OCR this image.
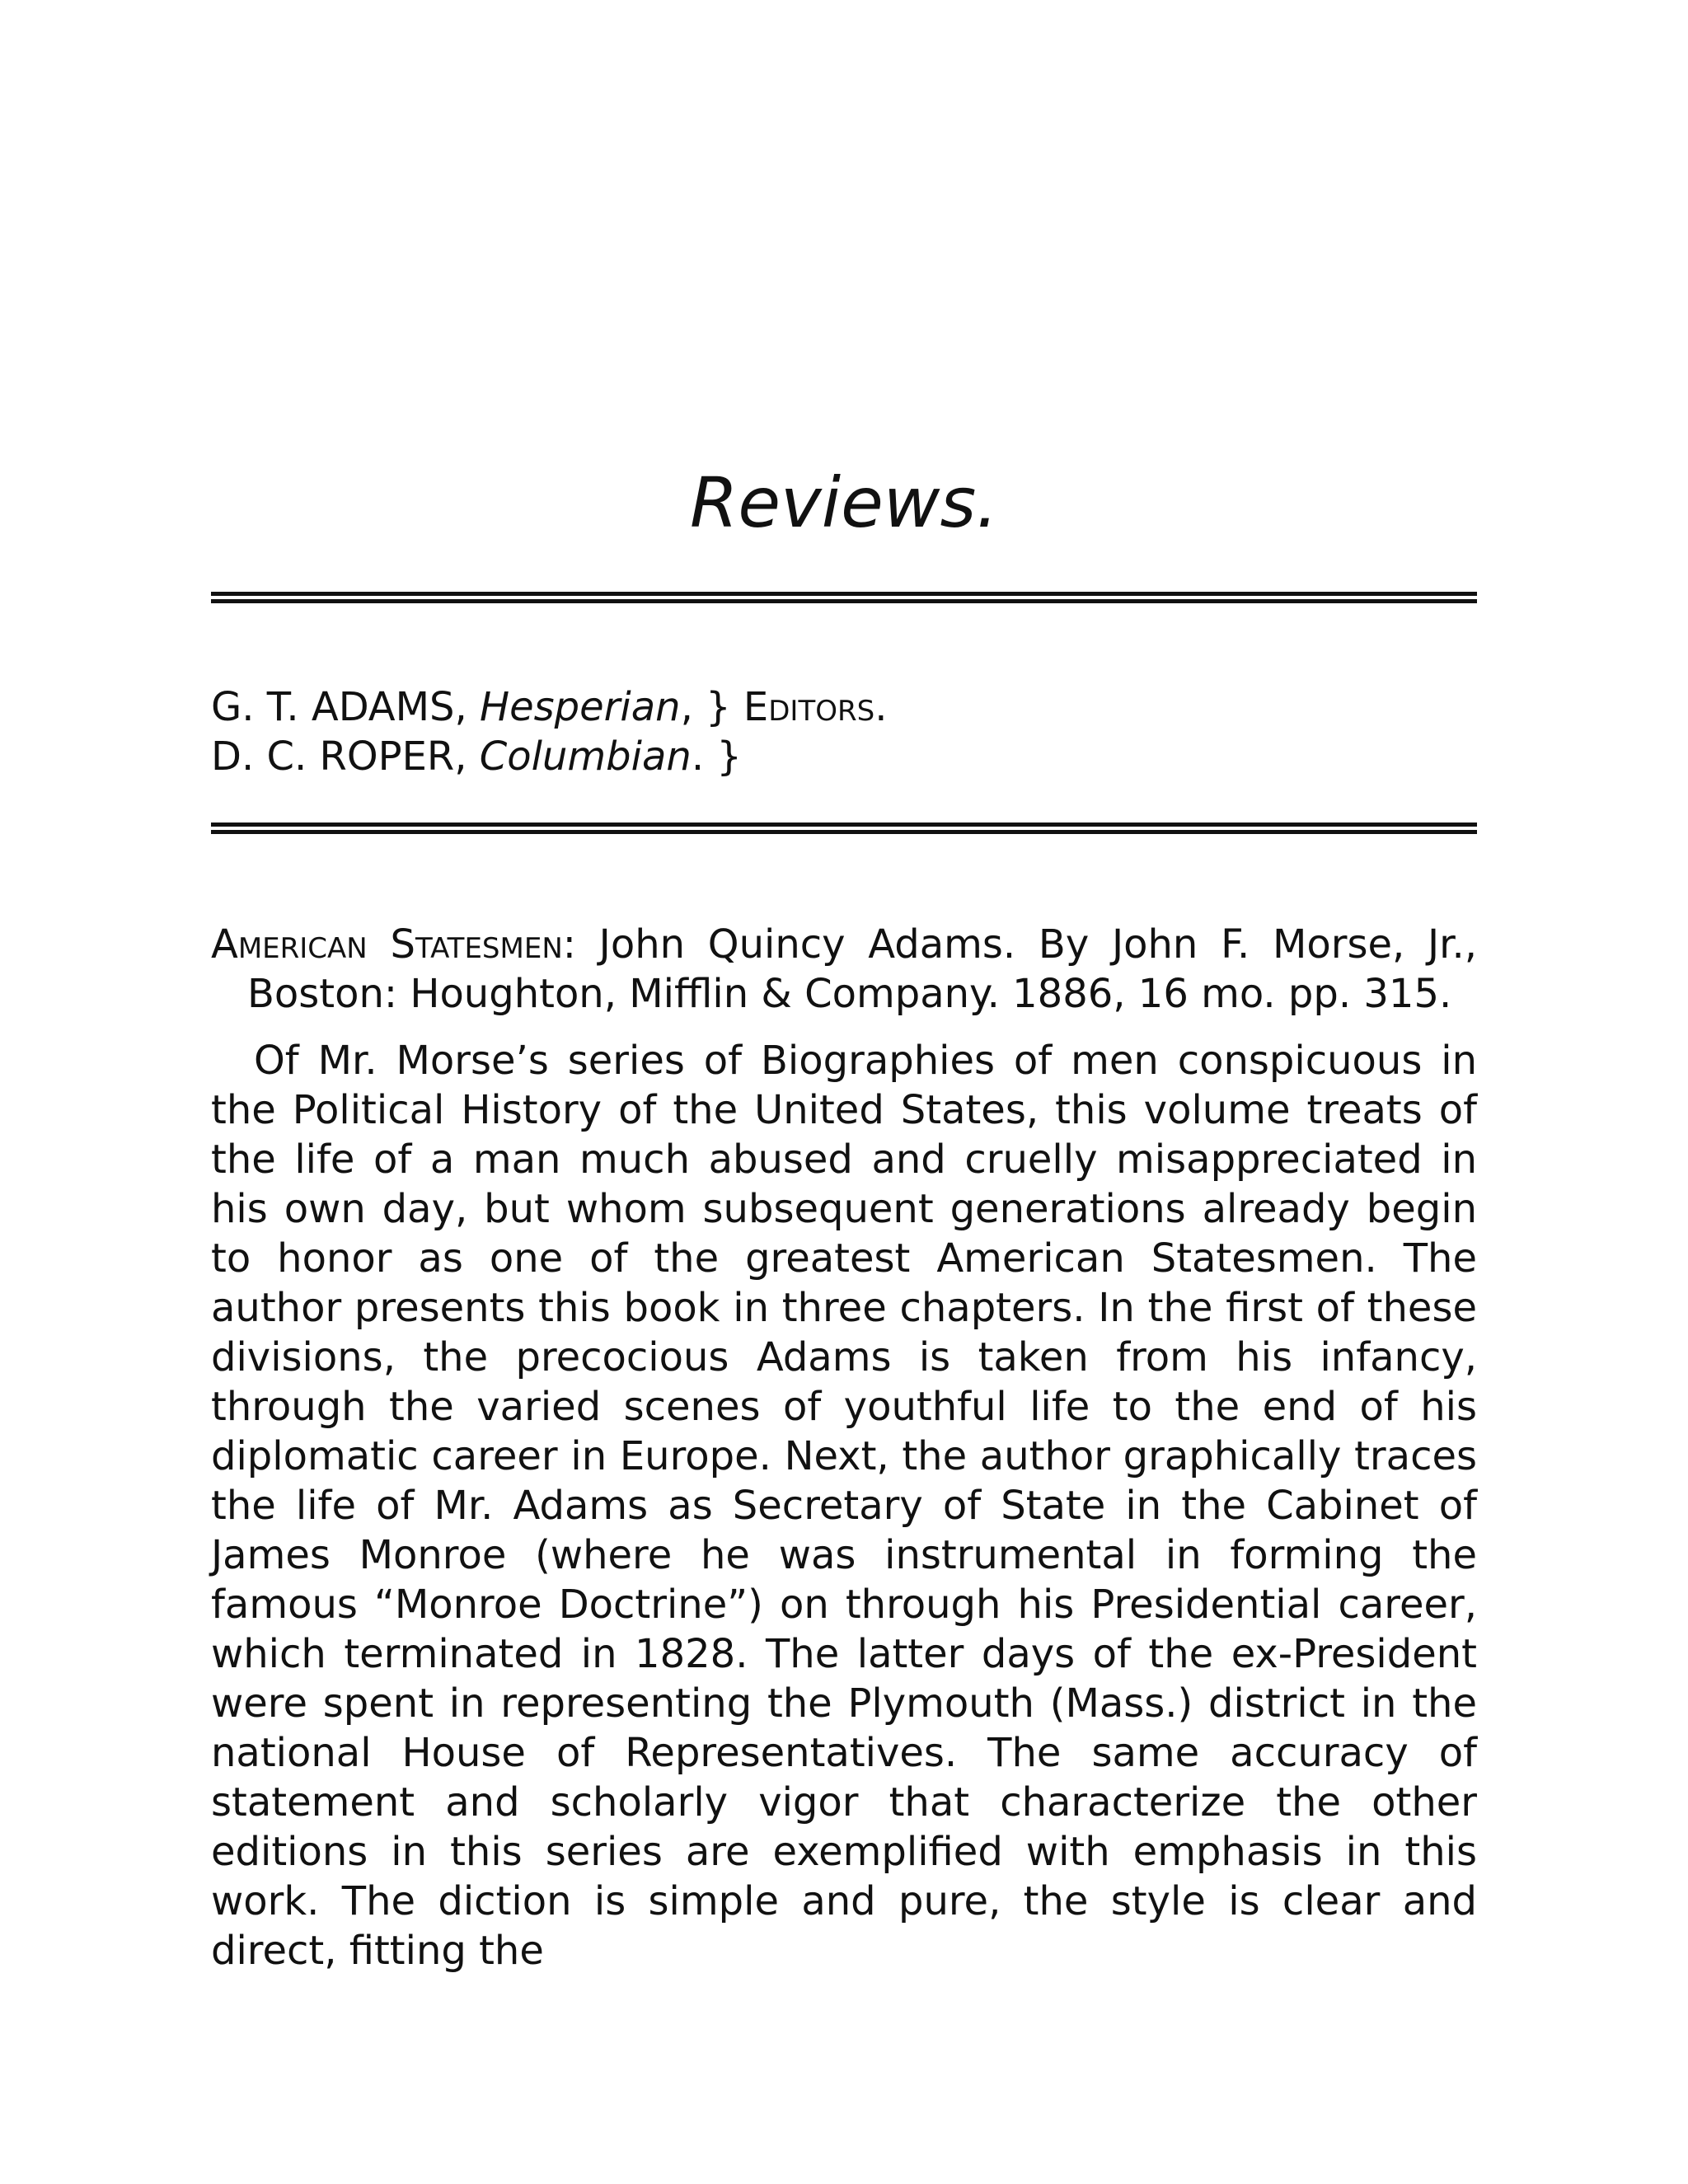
Reviews.
G. T. ADAMS, Hesperian, } Editors.
D. C. ROPER, Columbian. }
American Statesmen: John Quincy Adams. By John F. Morse, Jr.,
Boston: Houghton, Mifflin & Company. 1886, 16 mo. pp. 315.

Of Mr. Morse’s series of Biographies of men conspicuous in the Political History of the United States, this volume treats of the life of a man much abused and cruelly misappreciated in his own day, but whom subsequent generations already begin to honor as one of the greatest American Statesmen. The author presents this book in three chapters. In the first of these divisions, the precocious Adams is taken from his infancy, through the varied scenes of youthful life to the end of his diplomatic career in Europe. Next, the author graphically traces the life of Mr. Adams as Secretary of State in the Cabinet of James Monroe (where he was instrumental in forming the famous “Monroe Doctrine”) on through his Presidential career, which terminated in 1828. The latter days of the ex-President were spent in representing the Plymouth (Mass.) district in the national House of Representatives. The same accuracy of statement and scholarly vigor that characterize the other editions in this series are exemplified with emphasis in this work. The diction is simple and pure, the style is clear and direct, fitting the
